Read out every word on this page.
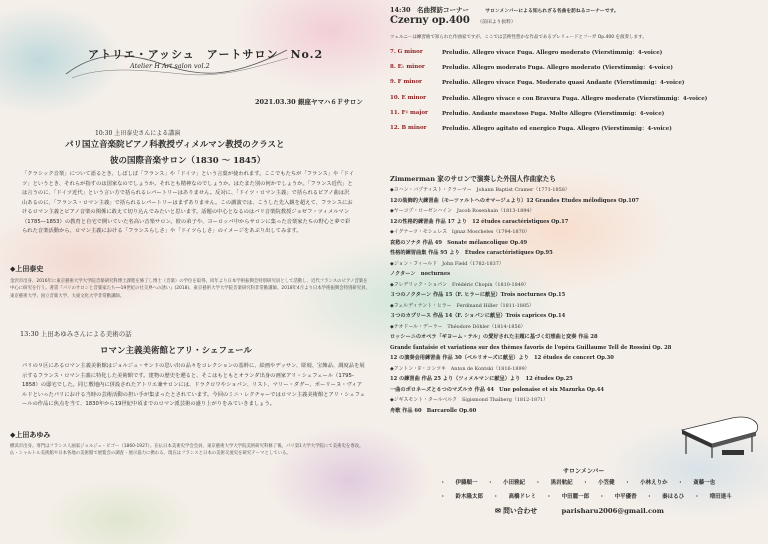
アトリエ・アッシュ　アートサロン　No.2
Atelier H Art salon vol.2
2021.03.30 銀座ヤマハ６Ｆサロン
10:30 上田泰史さんによる講演
パリ国立音楽院ピアノ科教授ヴィメルマン教授のクラスと
彼の国際音楽サロン（1830 ～ 1845）
「クラシック音楽」について語るとき、しばしば「フランス」や「ドイツ」という言葉が使われます。ここでもたちが「フランス」や「ドイツ」というとき、それらが指すのは国家なのでしょうか。それとも精神なのでしょうか。はたまた別の何かでしょうか。「フランス近代」とは言うのに、「ドイツ近代」という言い方で括られるレパートリーはありません。反対に、「ドイツ・ロマン主義」で括られるピアノ曲は沢山あるのに、「フランス・ロマン主義」で括られるレパートリーはまずありません。この講演では、こうした先入観を超えて、フランスにおけるロマン主義とピアノ音楽の関係に敢えて切り込んでみたいと思います。話題の中心となるのはパリ音楽院教授ジョゼフ・ツィメルマン（1785—1853）の教育と自宅で開いていた名高い音楽サロン。彼の弟子や、ヨーロッパ中からサロンに集った音楽家たちの野心と夢で彩られた音楽活動から、ロマン主義における「フランスらしさ」や「ドイツらしさ」のイメージをあぶり出してみます。
◆上田泰史
金沢市出身。2016年に東京藝術大学大学院音楽研究科博士課程を修了し博士（音楽）の学位を取得。同年より日本学術振興会特別研究員として活動し、近代フランスのピアノ音楽を中心に研究を行う。著書『パリのサロンと音楽家たち──19世紀の社交界への誘い』(2018)、東京藝術大学大学院音楽研究科非常勤講師。2018年4月より日本学術振興会特別研究員、東京藝術大学、国立音楽大学、大東文化大学非常勤講師。
13:30 上田あゆみさんによる美術の話
ロマン主義美術館とアリ・シェフェール
パリの９区にあるロマン主義美術館はジョルジュ・サンドの思い出の品々をコレクションの基幹に、絵画やデッサン、彫刻、宝飾品、調度品を展示するフランス・ロマン主義に特化した美術館です。建物の歴史を遡ると、そこはもともとオランダ出身の画家アリ・シェフェール（1795-1858）の邸宅でした。同じ敷地内に併設されたアトリエ兼サロンには、ドラクロワやショパン、リスト、マリー・ダグー、ポーリーヌ・ヴィアルドといったパリにおける当時の芸術活動の担い手が集まったとされています。今回のミニ・レクチャーではロマン主義美術館とアリ・シェフェールの作品に焦点を当て、1830年から19世紀中頃までのロマン派芸術の盛り上がりをみていきましょう。
◆上田あゆみ
横浜市出身。専門はフランス人画家ジョルジュ・ビゴー（1860-1927）。在仏日本美術史学会会員。東京藝術大学大学院美術研究科修了後、パリ第1大学大学院にて美術史を専攻。仏・シャルトル美術館や日本各地の美術館で展覧会の調査・展示協力に携わる。現在はフランスと日本の美術交流史を研究テーマとしている。
14:30　名曲探訪コーナー	サロンメンバーによる知られざる名曲を訪ねるコーナーです。
Czerny op.400 （前田より抜粋）
ツェルニーは練習曲で知られた作曲家ですが、ここでは芸術性豊かな作品であるプレリュードとフーガ Op.400 を演奏します。
7. G minor	Preludio. Allegro vivace Fuga. Allegro moderato (Vierstimmig：4-voice)
8. E♭ minor	Preludio. Allegro moderato Fuga. Allegro moderato (Vierstimmig：4-voice)
9. F minor	Preludio. Allegro vivace Fuga. Moderato quasi Andante (Vierstimmig：4-voice)
10. E minor	Preludio. Allegro vivace e con Bravura Fuga. Allegro moderato (Vierstimmig：4-voice)
11. F♯ major	Preludio. Andante maestoso Fuga. Molto Allegro (Vierstimmig：4-voice)
12. B minor	Preludio. Allegro agitato ed energico Fuga. Allegro (Vierstimmig：4-voice)
Zimmerman 家のサロンで演奏した外国人作曲家たち
◆ヨハン・バプティスト・クラーマー　Johann Baptist Cramer（1771-1858）
12の装飾的大練習曲（モーツァルトへのオマージュより）12 Grandes Etudes mélodiques Op.107
◆ヤーコプ・ローゼンハイン　Jacob Rosenhain（1813-1894）
12の性格的練習曲 作品 17 より　12 études caractéristiques Op.17
◆イグナーツ・モシェレス　Ignaz Moscheles（1794-1870）
哀愁のソナタ 作品 49　Sonate mélancolique Op.49
性格的練習曲集 作品 95 より　Études caractéristiques Op.95
◆ジョン・フィールド　John Field（1782-1837）
ノクターン　nocturnes
◆フレデリック・ショパン　Frédéric Chopin（1810-1849）
３つのノクターン 作品 15（F. ヒラーに献呈）Trois nocturnes Op.15
◆フェルディナント・ヒラー　Ferdinand Hiller（1811-1885）
３つのカプリース 作品 14（F. ショパンに献呈）Trois caprices Op.14
◆テオドール・デーラー　Théodore Döhler（1814-1856）
ロッシーニのオペラ「ギヨーム・テル」の愛好された主題に基づく幻想曲と変奏 作品 28
Grande fantaisie et variations sur des thèmes favoris de l'opéra Guillaume Tell de Rossini Op. 28
12 の演奏会用練習曲 作品 30（ベルリオーズに献呈）より　12 études de concert Op.30
◆アントン・F・コンツキ　Anton de Kontski（1816-1899）
12 の練習曲 作品 25 より（ツィメルマンに献呈）より　12 études Op.25
一曲のポロネーズと６つのマズルカ 作品 44　Une polonaise et six Mazurka Op.44
◆ジギスモント・タールベルク　Sigismond Thalberg（1812-1871）
舟歌 作品 60　Barcarolle Op.60
サロンメンバー
・ 伊藤順一 ・ 小田雅紀 ・ 黒岩航紀 ・ 小笠健 ・ 小林えりか ・ 斎藤一也
・ 鈴木隆太郎 ・ 高橋ドレミ ・ 中田麗一郎 ・ 中平優香 ・ 秦はるひ ・ 増田達斗
✉ 問い合わせ	parisharu2006@gmail.com
